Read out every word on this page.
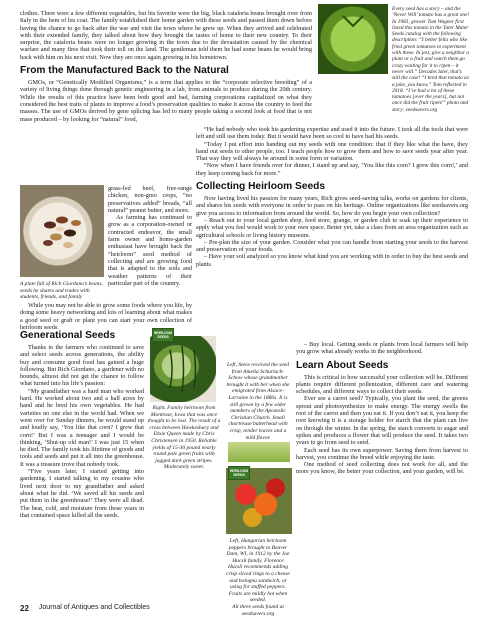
clothes. There were a few different vegetables, but his favorite were the big, black cataloria beans brought over from Italy in the hem of his coat. The family established their home garden with these seeds and passed them down before having the chance to go back after the war and visit the town where he grew up. When they arrived and celebrated with their extended family, they talked about how they brought the tastes of home to their new country. To their surprise, the cataloria beans were no longer growing in the town due to the devastation caused by the chemical warfare and many fires that took their toll on the land. The gentleman told them he had some beans he would bring back with him on his next visit. Now they are once again growing in his hometown.

From the Manufactured Back to the Natural

GMOs, or “Genetically Modified Organisms,” is a term that applies to the “corporate selective breeding” of a variety of living things done through genetic engineering in a lab, from animals to produce during the 20th century. While the results of this practice have been both good and bad, farming corporations capitalized on what they considered the best traits of plants to improve a food’s preservation qualities to make it across the country to feed the masses. The use of GMOs derived by gene splicing has led to many people taking a second look at food that is not mass produced – by looking for “natural” food,

grass-fed beef, free-range chicken, non-gmo crops, “no preservatives added” breads, “all natural” peanut butter, and more.

As farming has continued to grow as a corporation-owned or contracted endeavor, the small farm owner and home-garden enthusiast have brought back the “heirloom” seed method of collecting and are growing food that is adapted to the soils and weather patterns of their particular part of the country.

A plate full of Rich Giordano’s beans, seeds he shares and trades with students, friends, and family

While you may not be able to grow some foods where you life, by doing some heavy networking and lots of learning about what makes a good seed or graft or plant you can start your own collection of heirloom seeds.

Generational Seeds

Thanks to the farmers who continued to save and select seeds across generations, the ability buy and consume good food has gained a huge following. But Rich Giordano, a gardener with no bounds, almost did not get the chance to follow what turned into his life’s passion:

“My grandfather was a hard man who worked hard. He worked about two and a half acres by hand and he bred his own vegetables. He had varieties no one else in the world had. When we went over for Sunday dinners, he would stand up and loudly say, ‘You like that corn? I grew that corn!’ But I was a teenager and I would be thinking, ‘Shut-up old man!’ I was just 15 when he died. The family took his lifetime of goods and tools and seeds and put it all into the greenhouse. It was a treasure trove that nobody took.

“Five years later, I started getting into gardening. I started talking to my cousins who lived next door to my grandfather and asked about what he did. ‘We saved all his seeds and put them in the greenhouse!’ They were all dead. The heat, cold, and moisture from those years in that contained space killed all the seeds.

HEIRLOOM SEEDS
Right, Family heirloom from Montrose, Iowa that was once thought to be lost. The result of a cross between Hawkesbury and Dixie Queen made by Chris Christensen in 1950. Reliable yields of 15-30 pound nearly round pale green fruits with jagged dark green stripes. Moderately sweet.
Left, Steve received the seed from Amelia Schurlach-Schow whose grandmother brought it with her when she emigrated from Alsace-Lorraine in the 1880s. It is still grown by a few older members of the Apostolic Christian Church. Small chartreuse butterhead with crisp, tender leaves and a mild flavor.
HEIRLOOM SEEDS
Left, Hungarian heirloom peppers brought to Beaver Dam, WI, in 1912 by the Joe Hucsli family. Florence Hucsli recommends adding crisp sliced rings to a cheese and bologna sandwich, or using for stuffed peppers. Fruits are mildly hot when seeded.
All three seeds found at seedsavers.org
Every seed has a story – and the ‘Never Will’ tomato has a great one! In 1983, grower Tom Wagner first listed this tomato in the Tater Mater Seeds catalog with the following description: “I better fella who like fried green tomatoes to experiment with these. In jest, give a neighbor a plant or a fruit and watch them go crazy waiting for it to ripen – it never will.” Decades later, that’s still the case! “I bred that tomato as a joke, you know,” Tom reflected in 2018. “I’ve had a lot of these tomatoes [over the years], but not once did the fruit ripen!” photo and story: seedsavers.org

“He had nobody who took his gardening expertise and used it into the future. I took all the tools that were left and still use them today. But it would have been so cool to have had his seeds.

“Today I put effort into handing out my seeds with one condition: that if they like what the have, they hand out seeds to other people, too. I teach people how to grow them and how to save seeds year after year. That way they will always be around in some form or variation.

“Now when I have friends over for dinner, I stand up and say, ‘You like this corn? I grew this corn!,’ and they keep coming back for more.”

Collecting Heirloom Seeds

Now having lived his passion for many years, Rich gives seed-saving talks, works on gardens for clients, and shares his seeds with everyone in order to pass on his heritage. Online organizations like seedsavers.org give you access to information from around the world. So, how do you begin your own collection?

– Reach out to your local garden shop, feed store, grange, or garden club to soak up their experience to apply what you feel would work to your own space. Better yet, take a class from an area organization such as agricultural schools or living history museum.

– Pre-plan the size of your garden. Consider what you can handle from starting your seeds to the harvest and preservation of your foods.

– Have your soil analyzed so you know what kind you are working with in order to buy the best seeds and plants.

– Buy local. Getting seeds or plants from local farmers will help you grow what already works in the neighborhood.

Learn About Seeds

This is critical to how successful your collection will be. Different plants require different pollenization, different care and watering schedules, and different ways to collect their seeds.

Ever see a carrot seed? Typically, you plant the seed, the greens sprout and photosynthesize to make energy. The energy swells the root of the carrot and then you eat it. If you don’t eat it, you keep the root knowing it is a storage holder for starch that the plant can live on through the winter. In the spring, the starch converts to sugar and spikes and produces a flower that will produce the seed. It takes two years to go from seed to seed.

Each seed has its own superpower. Saving them from harvest to harvest, you continue the breed while enjoying the taste.

One method of seed collecting does not work for all, and the more you know, the better your collection, and your garden, will be.

22 Journal of Antiques and Collectibles
